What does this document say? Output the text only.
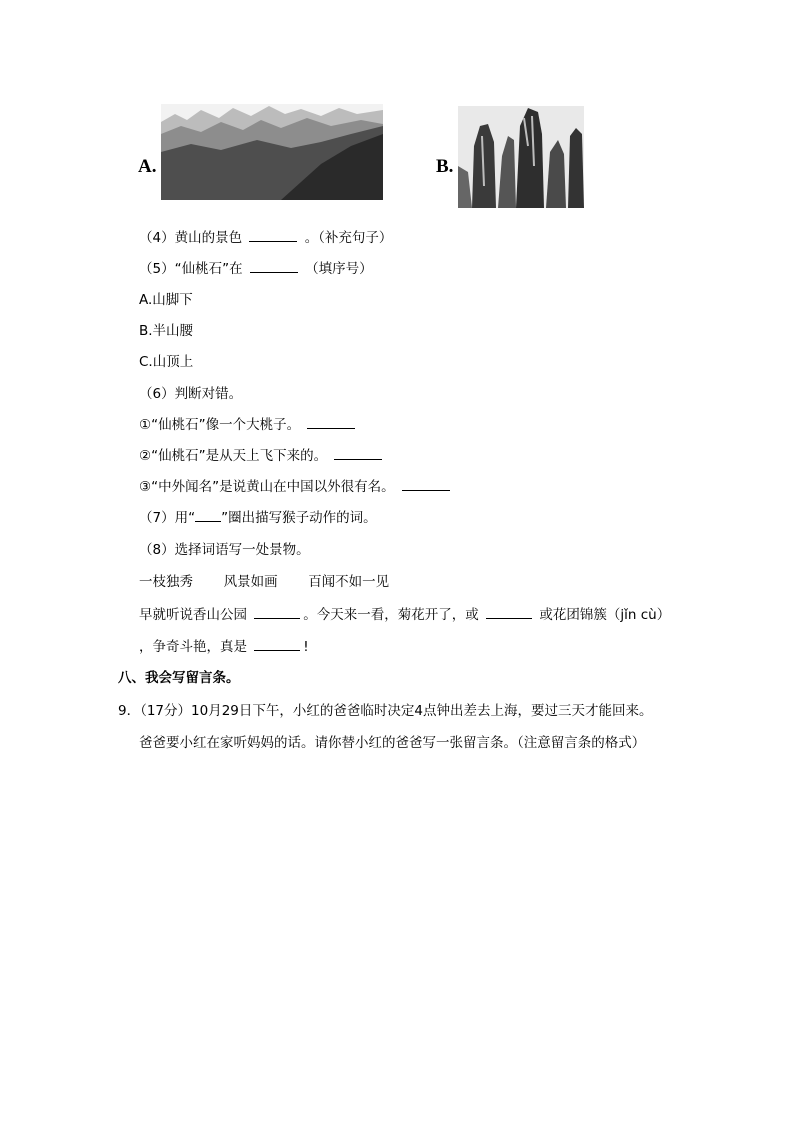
A.	B.
（4）黄山的景色	。（补充句子）
（5）“仙桃石”在	（填序号）
A.山脚下
B.半山腰
C.山顶上
（6）判断对错。
①“仙桃石”像一个大桃子。
②“仙桃石”是从天上飞下来的。
③“中外闻名”是说黄山在中国以外很有名。
（7）用“ ”圈出描写猴子动作的词。
（8）选择词语写一处景物。
一枝独秀 风景如画 百闻不如一见
早就听说香山公园	。今天来一看，菊花开了，或	或花团锦簇（jǐn cù）
，争奇斗艳，真是	!
八、我会写留言条。
9．（17分）10月29日下午，小红的爸爸临时决定4点钟出差去上海，要过三天才能回来。
爸爸要小红在家听妈妈的话。请你替小红的爸爸写一张留言条。（注意留言条的格式）
